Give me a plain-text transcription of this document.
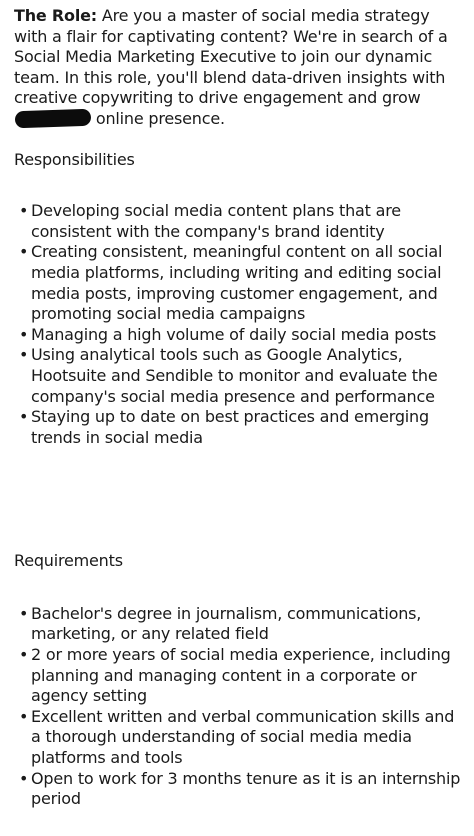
The Role: Are you a master of social media strategy with a flair for captivating content? We're in search of a Social Media Marketing Executive to join our dynamic team. In this role, you'll blend data-driven insights with creative copywriting to drive engagement and grow online presence.

Responsibilities
• Developing social media content plans that are consistent with the company's brand identity
• Creating consistent, meaningful content on all social media platforms, including writing and editing social media posts, improving customer engagement, and promoting social media campaigns
• Managing a high volume of daily social media posts
• Using analytical tools such as Google Analytics, Hootsuite and Sendible to monitor and evaluate the company's social media presence and performance
• Staying up to date on best practices and emerging trends in social media
Requirements
• Bachelor's degree in journalism, communications, marketing, or any related field
• 2 or more years of social media experience, including planning and managing content in a corporate or agency setting
• Excellent written and verbal communication skills and a thorough understanding of social media media platforms and tools
• Open to work for 3 months tenure as it is an internship period
